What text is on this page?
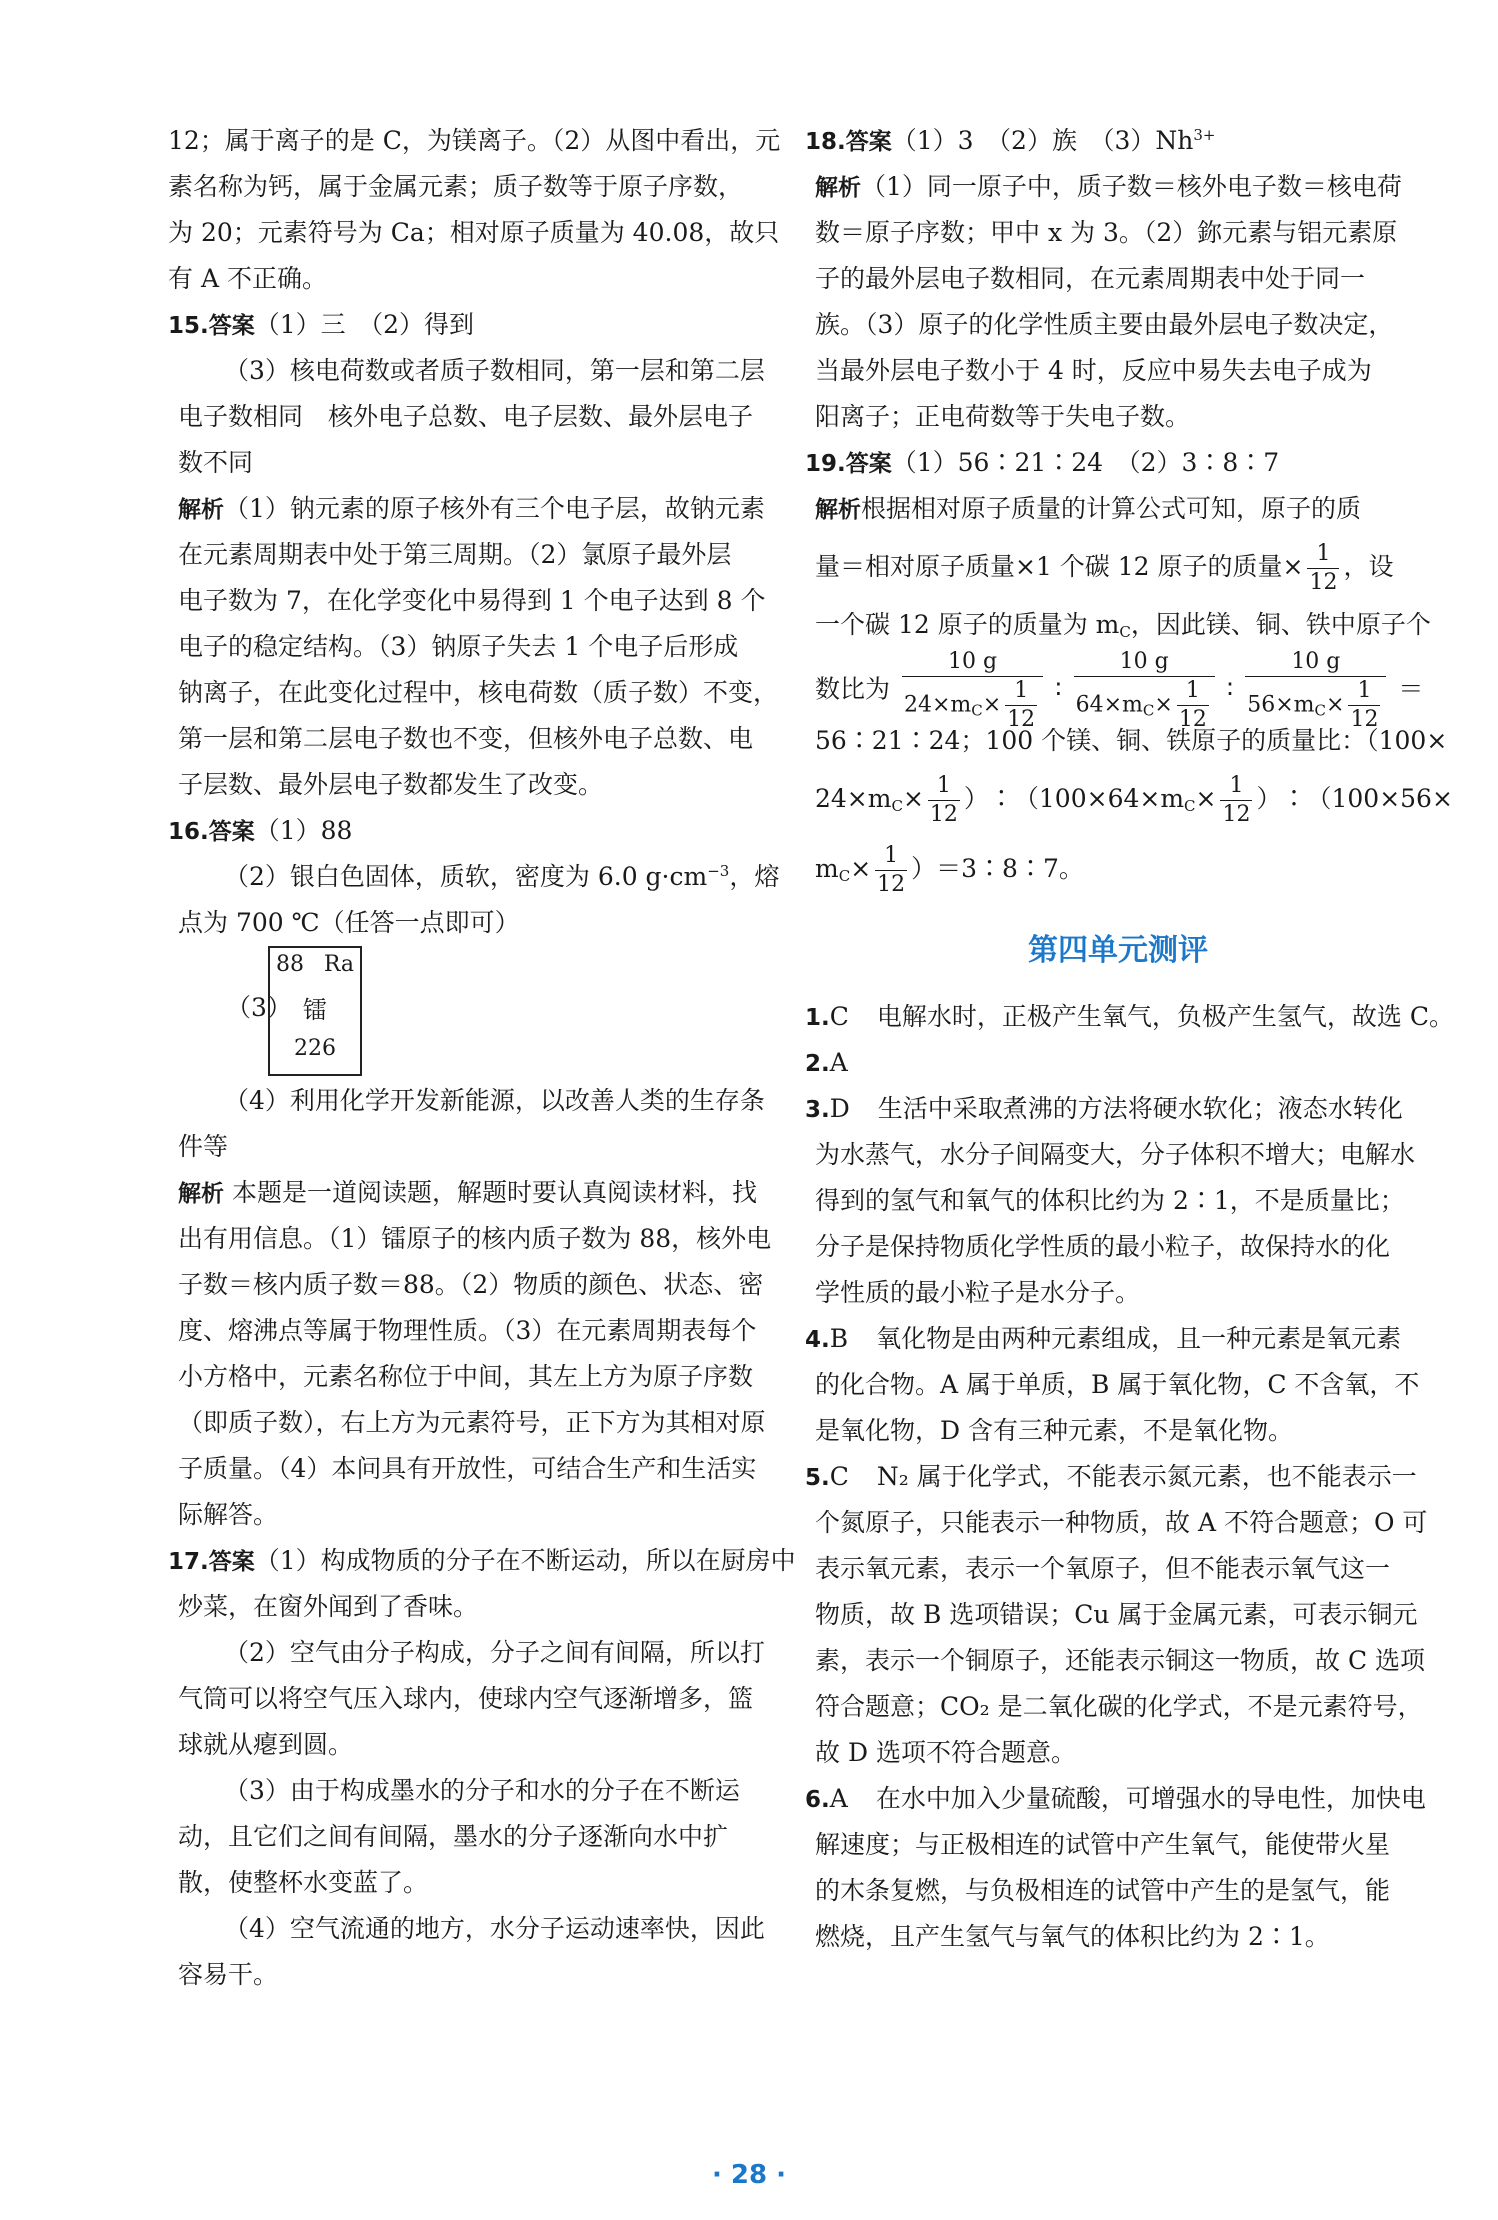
12；属于离子的是 C，为镁离子。（2）从图中看出，元
素名称为钙，属于金属元素；质子数等于原子序数，
为 20；元素符号为 Ca；相对原子质量为 40.08，故只
有 A 不正确。
15.答案（1）三　（2）得到
（3）核电荷数或者质子数相同，第一层和第二层
电子数相同　核外电子总数、电子层数、最外层电子
数不同
解析（1）钠元素的原子核外有三个电子层，故钠元素
在元素周期表中处于第三周期。（2）氯原子最外层
电子数为 7，在化学变化中易得到 1 个电子达到 8 个
电子的稳定结构。（3）钠原子失去 1 个电子后形成
钠离子，在此变化过程中，核电荷数（质子数）不变，
第一层和第二层电子数也不变，但核外电子总数、电
子层数、最外层电子数都发生了改变。
16.答案（1）88
（2）银白色固体，质软，密度为 6.0 $g\cdot cm^{-3}$，熔
点为 700 ℃（任答一点即可）
（3）
88 Ra
镭
226
（4）利用化学开发新能源，以改善人类的生存条
件等
解析 本题是一道阅读题，解题时要认真阅读材料，找
出有用信息。（1）镭原子的核内质子数为 88，核外电
子数＝核内质子数＝88。（2）物质的颜色、状态、密
度、熔沸点等属于物理性质。（3）在元素周期表每个
小方格中，元素名称位于中间，其左上方为原子序数
（即质子数），右上方为元素符号，正下方为其相对原
子质量。（4）本问具有开放性，可结合生产和生活实
际解答。
17.答案（1）构成物质的分子在不断运动，所以在厨房中
炒菜，在窗外闻到了香味。
（2）空气由分子构成，分子之间有间隔，所以打
气筒可以将空气压入球内，使球内空气逐渐增多，篮
球就从瘪到圆。
（3）由于构成墨水的分子和水的分子在不断运
动，且它们之间有间隔，墨水的分子逐渐向水中扩
散，使整杯水变蓝了。
（4）空气流通的地方，水分子运动速率快，因此
容易干。
18.答案（1）3　（2）族　$(3)Nh^{3+}$
解析（1）同一原子中，质子数＝核外电子数＝核电荷
数＝原子序数；甲中 x 为 3。（2）鉨元素与铝元素原
子的最外层电子数相同，在元素周期表中处于同一
族。（3）原子的化学性质主要由最外层电子数决定，
当最外层电子数小于 4 时，反应中易失去电子成为
阳离子；正电荷数等于失电子数。
19.答案（1）56∶21∶24　（2）3∶8∶7
解析根据相对原子质量的计算公式可知，原子的质
量＝相对原子质量×1 个碳 12 原子的质量× $\frac{1}{12}$ ，设
一个碳 12 原子的质量为 $m_C$，因此镁、铜、铁中原子个
数比为 $\frac{10 g}{24\times m_C\times \frac{1}{12}}$ ∶ $\frac{10 g}{64\times m_C\times \frac{1}{12}}$ ∶ $\frac{10 g}{56\times m_C\times \frac{1}{12}}$ ＝
56∶21∶24；100 个镁、铜、铁原子的质量比：（100×
$24\times m_C\times \frac{1}{12}$ ）$∶(100\times 64\times m_C\times \frac{1}{12}$ ）∶（100×56×
$m_C\times \frac{1}{12}$ ）＝3∶8∶7。
第四单元测评
1.C 电解水时，正极产生氧气，负极产生氢气，故选 C。
2.A
3.D 生活中采取煮沸的方法将硬水软化；液态水转化
为水蒸气，水分子间隔变大，分子体积不增大；电解水
得到的氢气和氧气的体积比约为 2∶1，不是质量比；
分子是保持物质化学性质的最小粒子，故保持水的化
学性质的最小粒子是水分子。
4.B 氧化物是由两种元素组成，且一种元素是氧元素
的化合物。A 属于单质，B 属于氧化物，C 不含氧，不
是氧化物，D 含有三种元素，不是氧化物。
5.C N₂ 属于化学式，不能表示氮元素，也不能表示一
个氮原子，只能表示一种物质，故 A 不符合题意；O 可
表示氧元素，表示一个氧原子，但不能表示氧气这一
物质，故 B 选项错误；Cu 属于金属元素，可表示铜元
素，表示一个铜原子，还能表示铜这一物质，故 C 选项
符合题意；CO₂ 是二氧化碳的化学式，不是元素符号，
故 D 选项不符合题意。
6.A 在水中加入少量硫酸，可增强水的导电性，加快电
解速度；与正极相连的试管中产生氧气，能使带火星
的木条复燃，与负极相连的试管中产生的是氢气，能
燃烧，且产生氢气与氧气的体积比约为 2∶1。
· 28 ·
